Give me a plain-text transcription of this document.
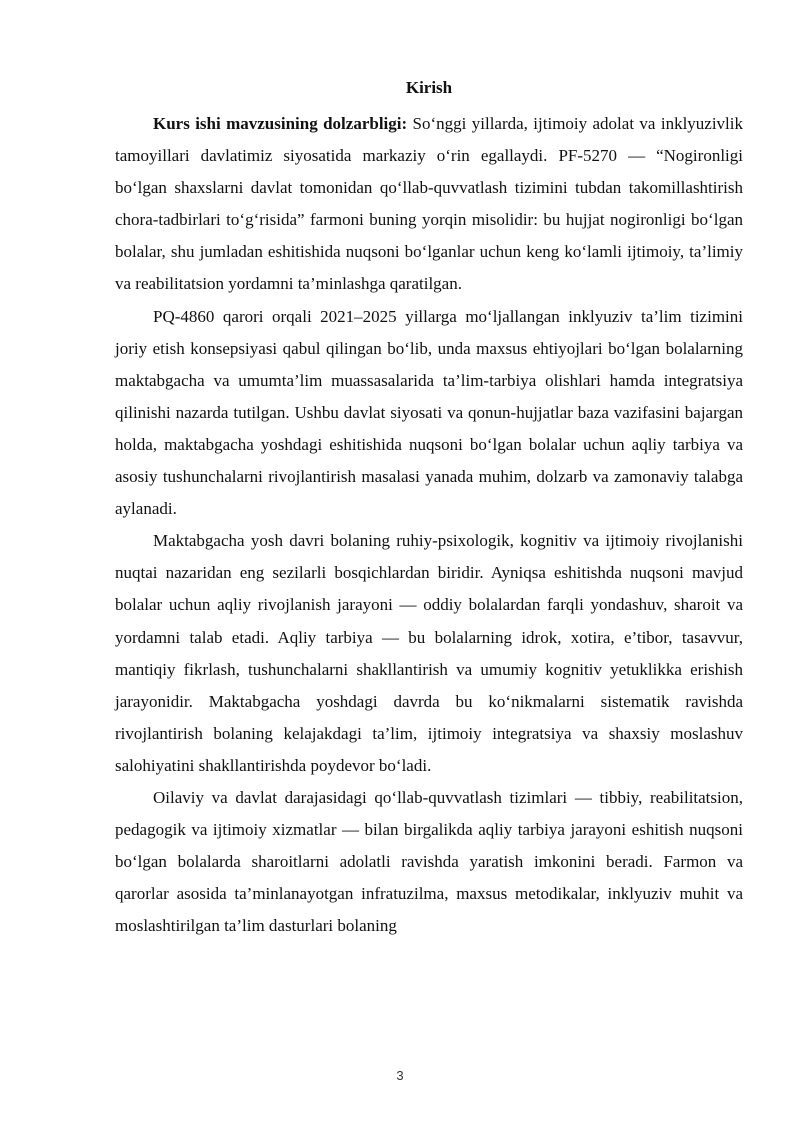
Kirish

Kurs ishi mavzusining dolzarbligi: So‘nggi yillarda, ijtimoiy adolat va inklyuzivlik tamoyillari davlatimiz siyosatida markaziy o‘rin egallaydi. PF-5270 — “Nogironligi bo‘lgan shaxslarni davlat tomonidan qo‘llab-quvvatlash tizimini tubdan takomillashtirish chora-tadbirlari to‘g‘risida” farmoni buning yorqin misolidir: bu hujjat nogironligi bo‘lgan bolalar, shu jumladan eshitishida nuqsoni bo‘lganlar uchun keng ko‘lamli ijtimoiy, ta’limiy va reabilitatsion yordamni ta’minlashga qaratilgan.

PQ-4860 qarori orqali 2021–2025 yillarga mo‘ljallangan inklyuziv ta’lim tizimini joriy etish konsepsiyasi qabul qilingan bo‘lib, unda maxsus ehtiyojlari bo‘lgan bolalarning maktabgacha va umumta’lim muassasalarida ta’lim-tarbiya olishlari hamda integratsiya qilinishi nazarda tutilgan. Ushbu davlat siyosati va qonun-hujjatlar baza vazifasini bajargan holda, maktabgacha yoshdagi eshitishida nuqsoni bo‘lgan bolalar uchun aqliy tarbiya va asosiy tushunchalarni rivojlantirish masalasi yanada muhim, dolzarb va zamonaviy talabga aylanadi.

Maktabgacha yosh davri bolaning ruhiy-psixologik, kognitiv va ijtimoiy rivojlanishi nuqtai nazaridan eng sezilarli bosqichlardan biridir. Ayniqsa eshitishda nuqsoni mavjud bolalar uchun aqliy rivojlanish jarayoni — oddiy bolalardan farqli yondashuv, sharoit va yordamni talab etadi. Aqliy tarbiya — bu bolalarning idrok, xotira, e’tibor, tasavvur, mantiqiy fikrlash, tushunchalarni shakllantirish va umumiy kognitiv yetuklikka erishish jarayonidir. Maktabgacha yoshdagi davrda bu ko‘nikmalarni sistematik ravishda rivojlantirish bolaning kelajakdagi ta’lim, ijtimoiy integratsiya va shaxsiy moslashuv salohiyatini shakllantirishda poydevor bo‘ladi.

Oilaviy va davlat darajasidagi qo‘llab-quvvatlash tizimlari — tibbiy, reabilitatsion, pedagogik va ijtimoiy xizmatlar — bilan birgalikda aqliy tarbiya jarayoni eshitish nuqsoni bo‘lgan bolalarda sharoitlarni adolatli ravishda yaratish imkonini beradi. Farmon va qarorlar asosida ta’minlanayotgan infratuzilma, maxsus metodikalar, inklyuziv muhit va moslashtirilgan ta’lim dasturlari bolaning

3
